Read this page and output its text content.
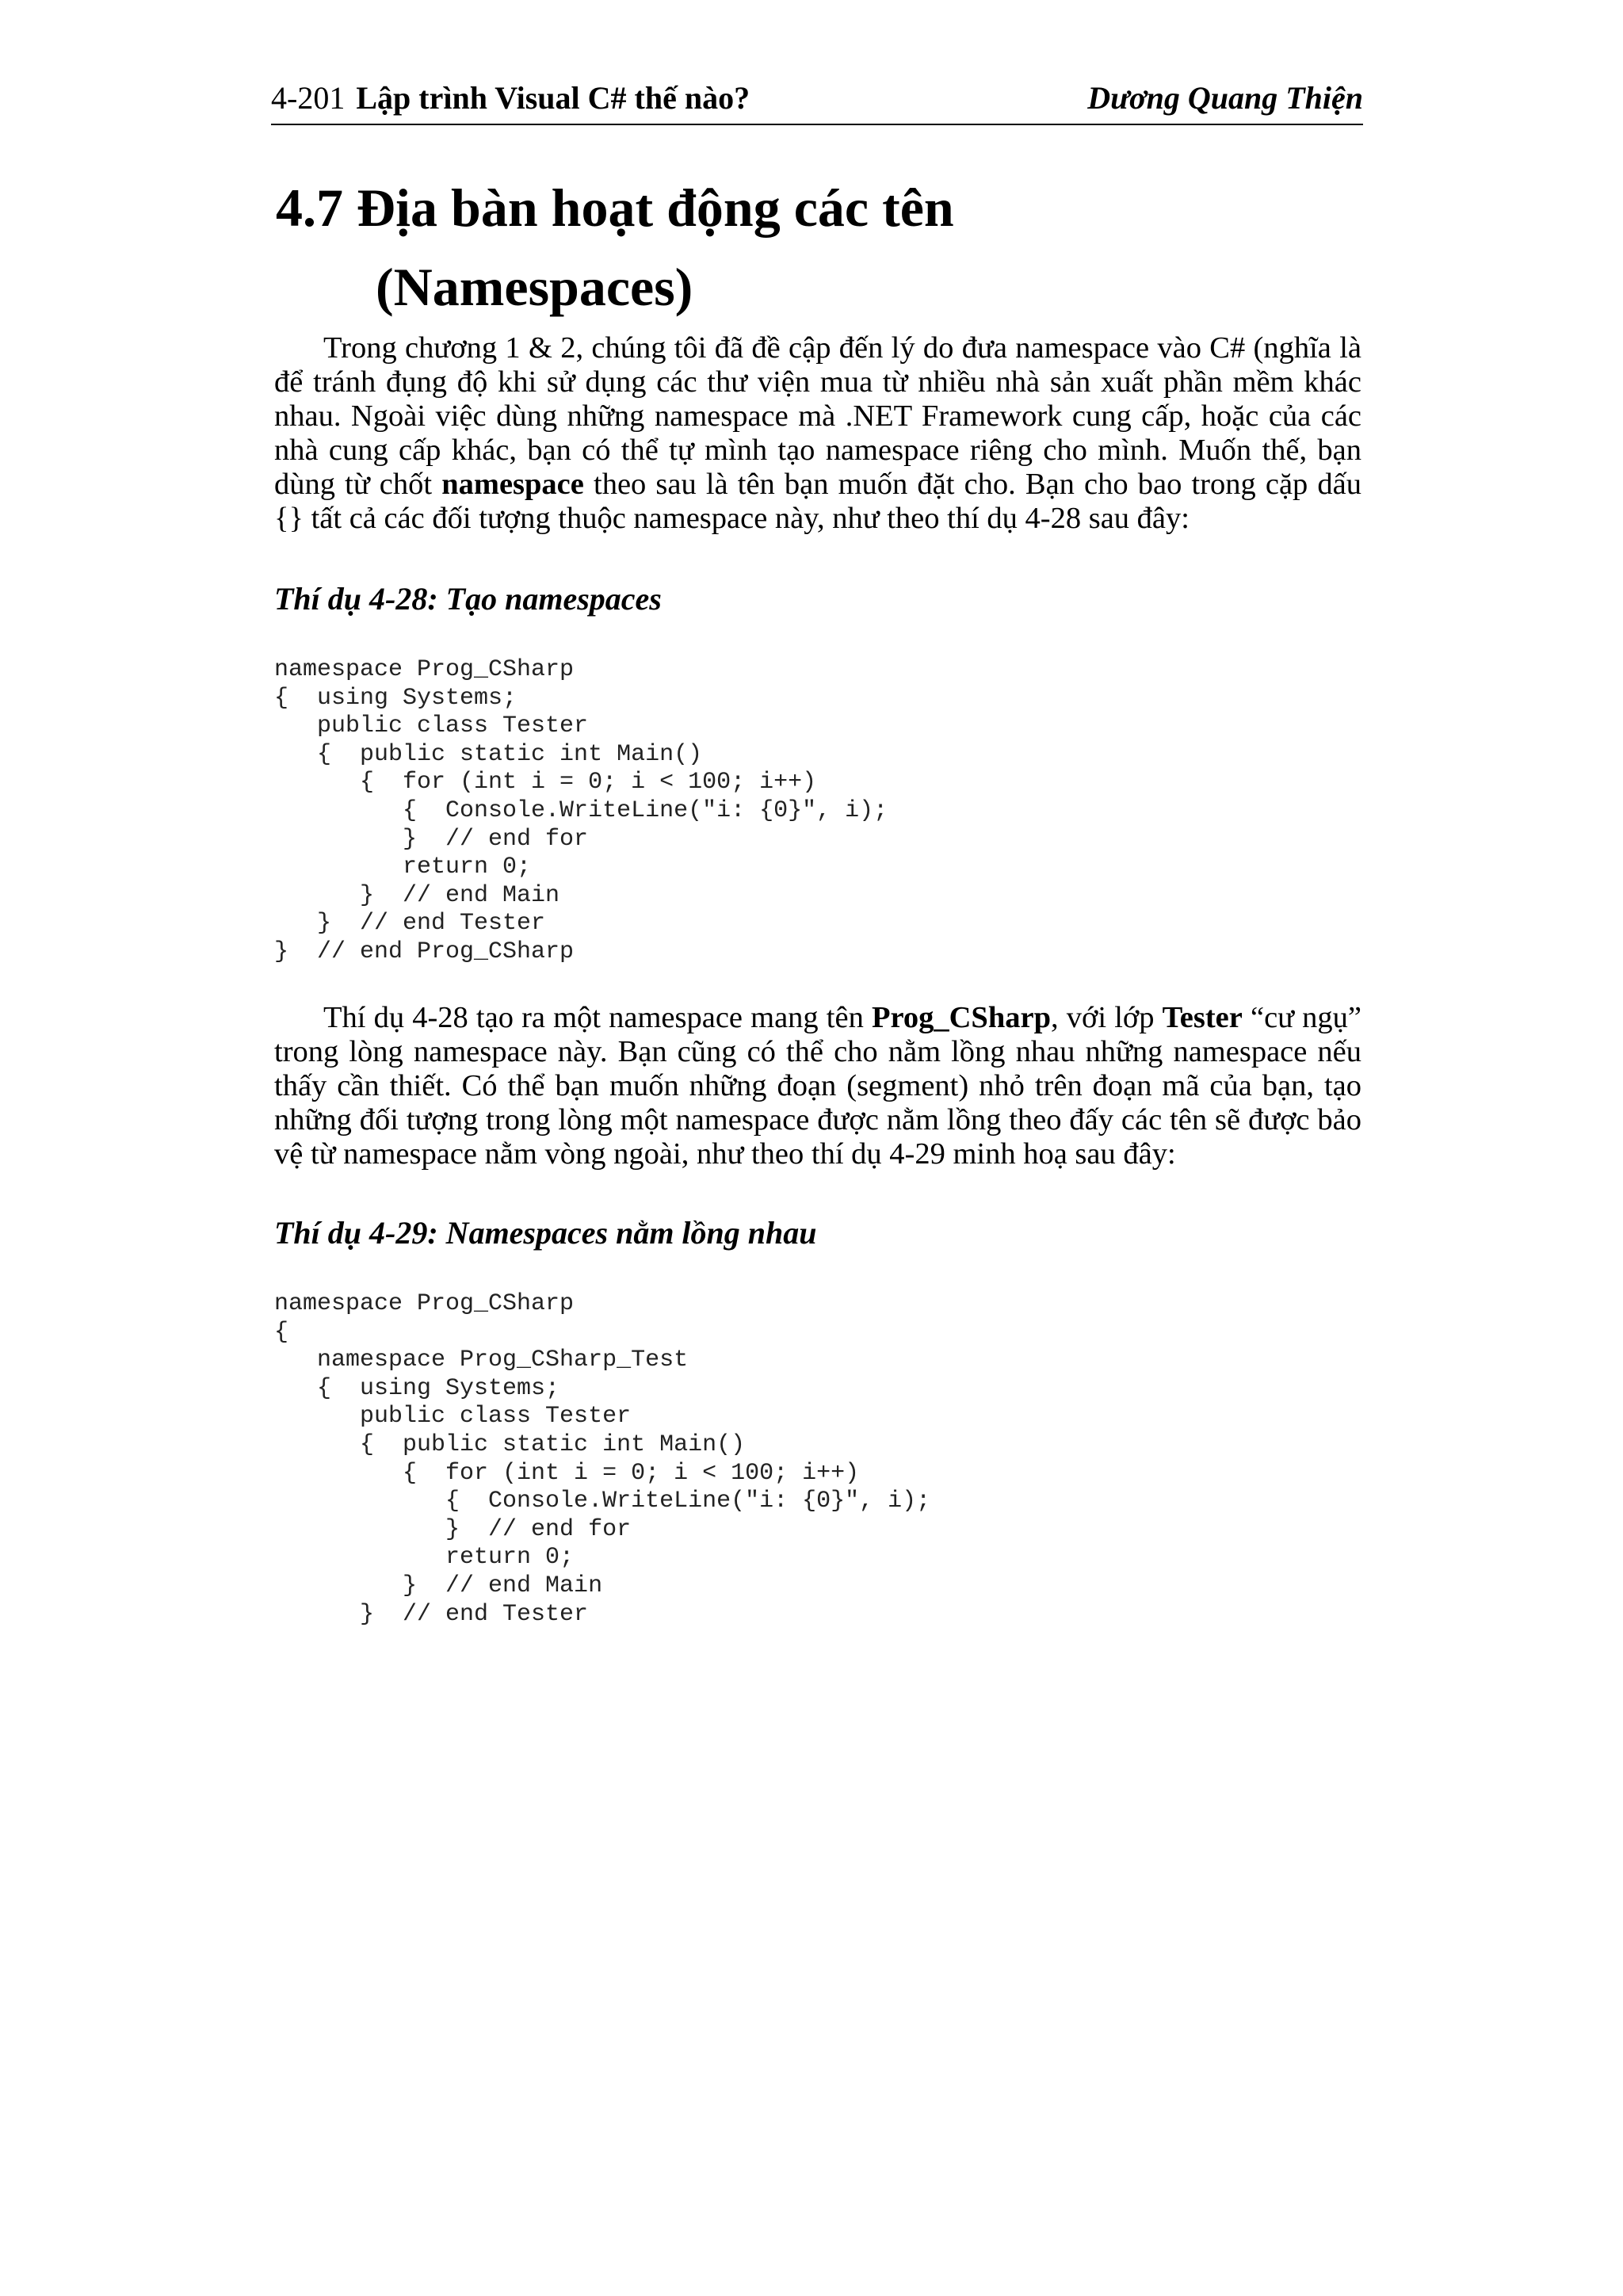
4-201 Lập trình Visual C# thế nào?	Dương Quang Thiện
4.7 Địa bàn hoạt động các tên
(Namespaces)
Trong chương 1 & 2, chúng tôi đã đề cập đến lý do đưa namespace vào C# (nghĩa là để tránh đụng độ khi sử dụng các thư viện mua từ nhiều nhà sản xuất phần mềm khác nhau. Ngoài việc dùng những namespace mà .NET Framework cung cấp, hoặc của các nhà cung cấp khác, bạn có thể tự mình tạo namespace riêng cho mình. Muốn thế, bạn dùng từ chốt namespace theo sau là tên bạn muốn đặt cho. Bạn cho bao trong cặp dấu {} tất cả các đối tượng thuộc namespace này, như theo thí dụ 4-28 sau đây:
Thí dụ 4-28: Tạo namespaces
namespace Prog_CSharp
{  using Systems;
public class Tester
{  public static int Main()
{  for (int i = 0; i < 100; i++)
{  Console.WriteLine("i: {0}", i);
}  // end for
return 0;
}  // end Main
}  // end Tester
}  // end Prog_CSharp
Thí dụ 4-28 tạo ra một namespace mang tên Prog_CSharp, với lớp Tester “cư ngụ” trong lòng namespace này. Bạn cũng có thể cho nằm lồng nhau những namespace nếu thấy cần thiết. Có thể bạn muốn những đoạn (segment) nhỏ trên đoạn mã của bạn, tạo những đối tượng trong lòng một namespace được nằm lồng theo đấy các tên sẽ được bảo vệ từ namespace nằm vòng ngoài, như theo thí dụ 4-29 minh hoạ sau đây:
Thí dụ 4-29: Namespaces nằm lồng nhau
namespace Prog_CSharp
{
namespace Prog_CSharp_Test
{  using Systems;
public class Tester
{  public static int Main()
{  for (int i = 0; i < 100; i++)
{  Console.WriteLine("i: {0}", i);
}  // end for
return 0;
}  // end Main
}  // end Tester
